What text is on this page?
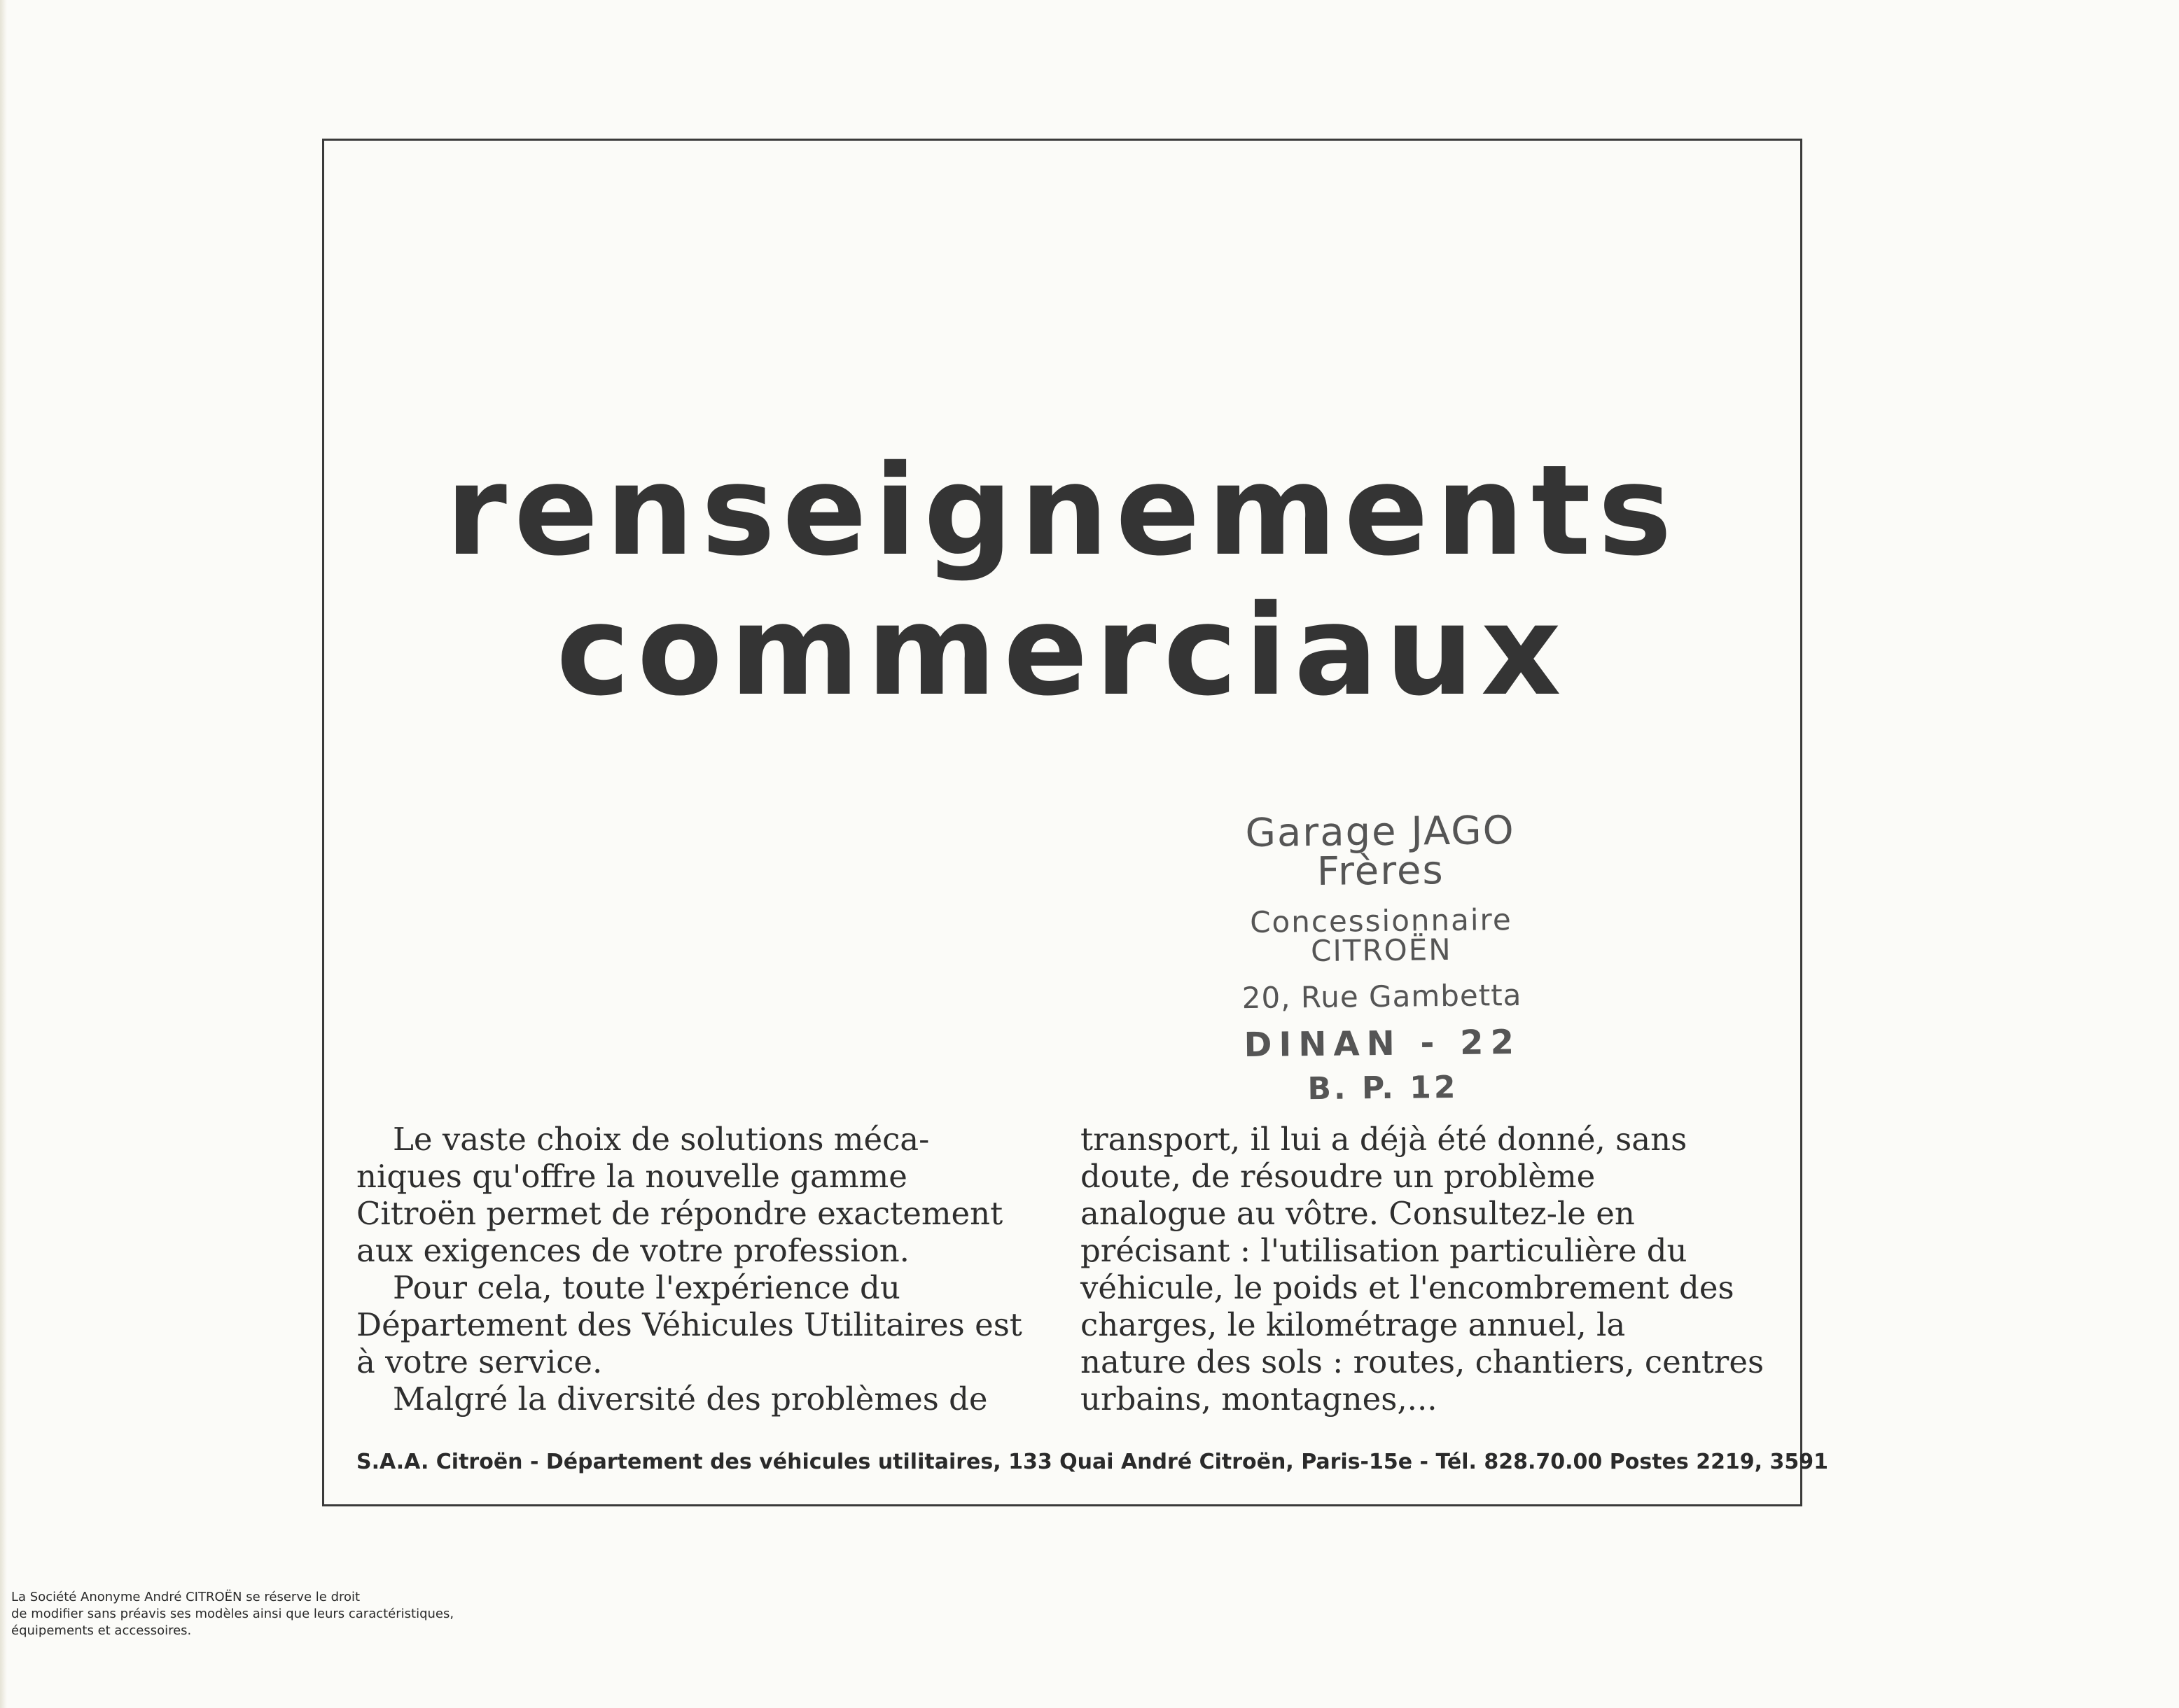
renseignements
commerciaux
Garage JAGO Frères
Concessionnaire CITROËN
20, Rue Gambetta
DINAN - 22
B. P. 12

Le vaste choix de solutions méca-

niques qu'offre la nouvelle gamme

Citroën permet de répondre exactement

aux exigences de votre profession.

Pour cela, toute l'expérience du

Département des Véhicules Utilitaires est

à votre service.

Malgré la diversité des problèmes de

transport, il lui a déjà été donné, sans

doute, de résoudre un problème

analogue au vôtre. Consultez-le en

précisant : l'utilisation particulière du

véhicule, le poids et l'encombrement des

charges, le kilométrage annuel, la

nature des sols : routes, chantiers, centres

urbains, montagnes,...

S.A.A. Citroën - Département des véhicules utilitaires, 133 Quai André Citroën, Paris-15e - Tél. 828.70.00 Postes 2219, 3591
La Société Anonyme André CITROËN se réserve le droit
de modifier sans préavis ses modèles ainsi que leurs caractéristiques,
équipements et accessoires.
